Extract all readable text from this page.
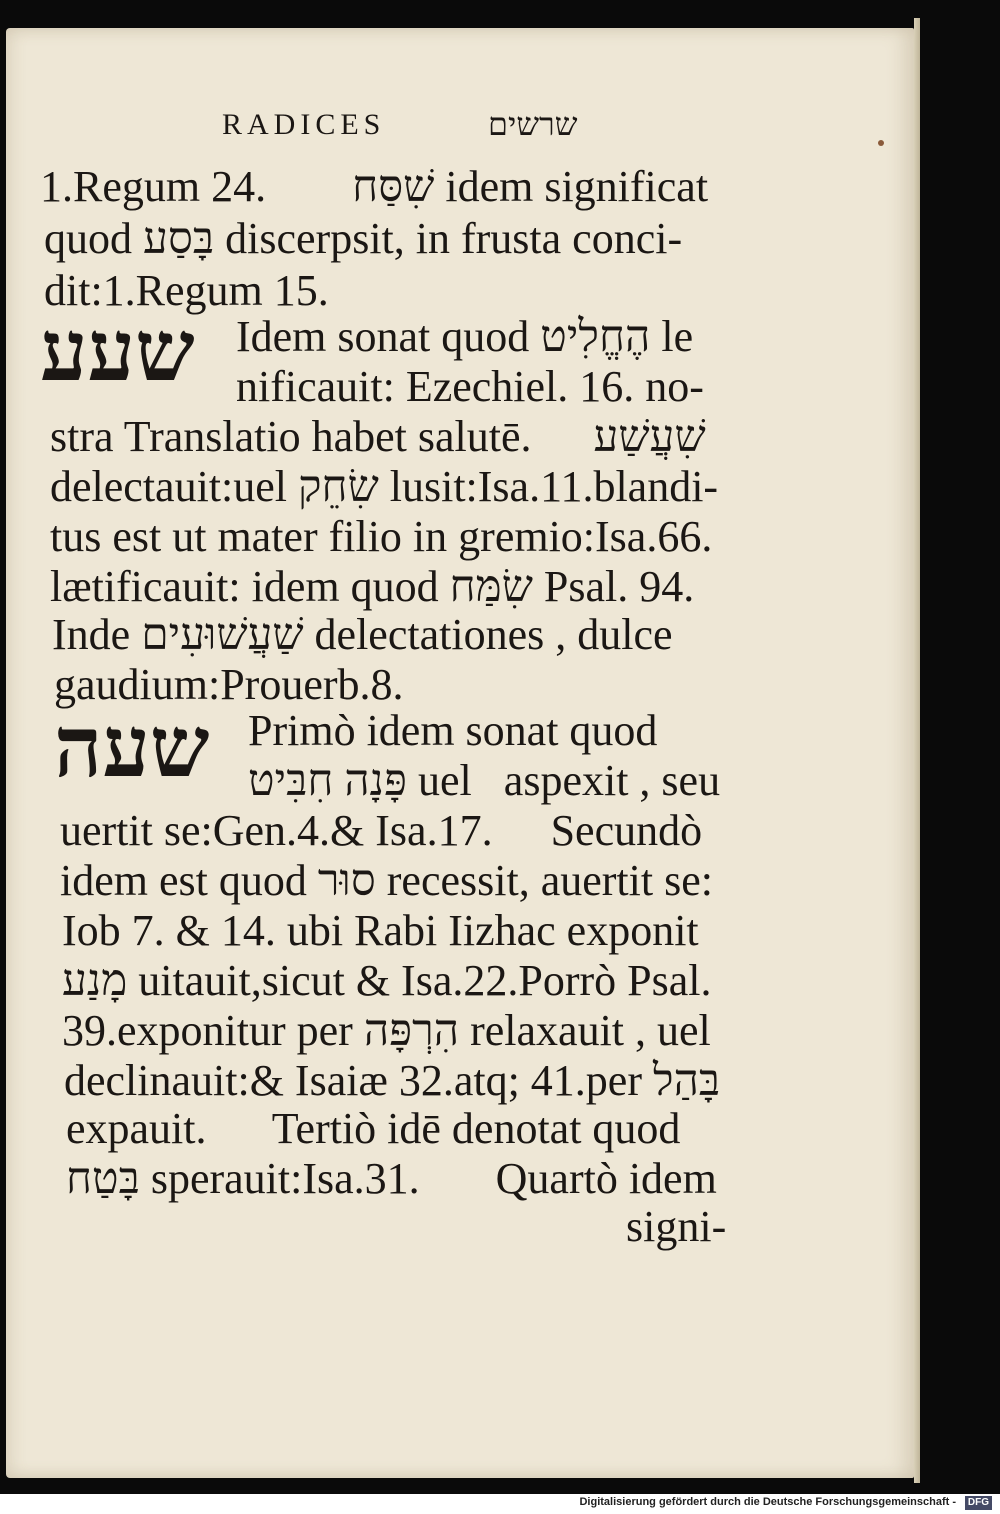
RADICES	שרשים
1.Regum 24. שִׁסַּח idem significat
quod בָּסַע discerpsit, in frusta conci-
dit:1.Regum 15.
שעע Idem sonat quod הֶחֱלִיט le
nificauit: Ezechiel. 16. no-
stra Translatio habet salutē. שִׁעֲשַׁע
delectauit:uel שִׂחֵק lusit:Isa.11.blandi-
tus est ut mater filio in gremio:Isa.66.
lætificauit: idem quod שִׂמַּח Psal. 94.
Inde שַׁעֲשׁוּעִים delectationes , dulce
gaudium:Prouerb.8.
שעה Primò idem sonat quod
פָּנָה חִבִּיט uel aspexit , seu
uertit se:Gen.4.& Isa.17. Secundò
idem est quod סוּר recessit, auertit se:
Iob 7. & 14. ubi Rabi Iizhac exponit
מָנַע uitauit,sicut & Isa.22.Porrò Psal.
39.exponitur per הִרְפָּה relaxauit , uel
declinauit:& Isaiæ 32.atq; 41.per בָּהַל
expauit. Tertiò idē denotat quod
בָּטַח sperauit:Isa.31. Quartò idem
signi-
Digitalisierung gefördert durch die Deutsche Forschungsgemeinschaft -	DFG
